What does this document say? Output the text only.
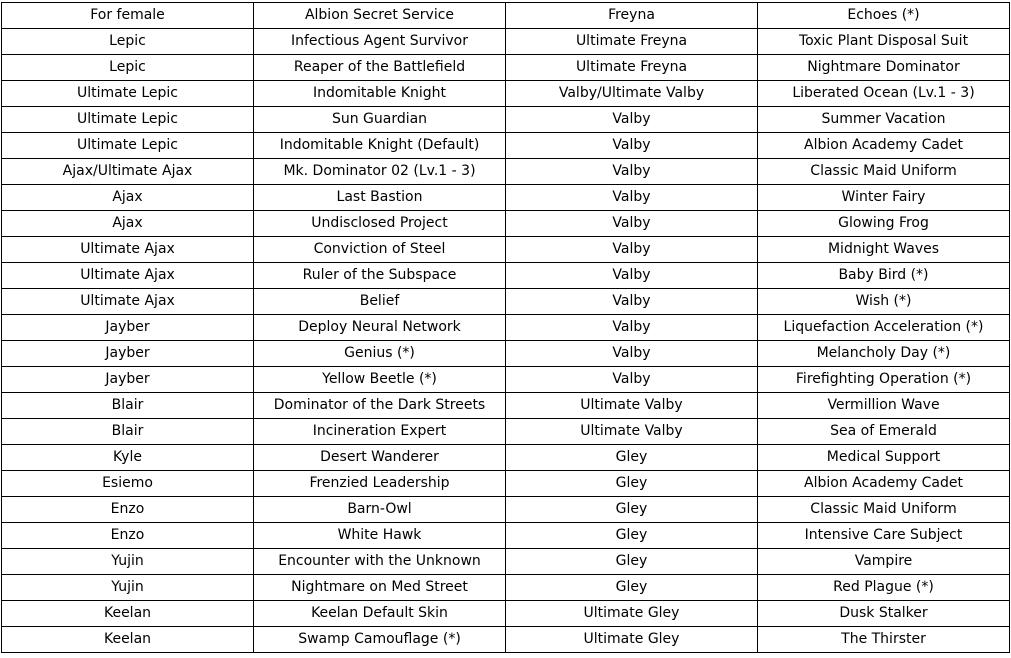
For female	Albion Secret Service	Freyna	Echoes (*)
Lepic	Infectious Agent Survivor	Ultimate Freyna	Toxic Plant Disposal Suit
Lepic	Reaper of the Battlefield	Ultimate Freyna	Nightmare Dominator
Ultimate Lepic	Indomitable Knight	Valby/Ultimate Valby	Liberated Ocean (Lv.1 - 3)
Ultimate Lepic	Sun Guardian	Valby	Summer Vacation
Ultimate Lepic	Indomitable Knight (Default)	Valby	Albion Academy Cadet
Ajax/Ultimate Ajax	Mk. Dominator 02 (Lv.1 - 3)	Valby	Classic Maid Uniform
Ajax	Last Bastion	Valby	Winter Fairy
Ajax	Undisclosed Project	Valby	Glowing Frog
Ultimate Ajax	Conviction of Steel	Valby	Midnight Waves
Ultimate Ajax	Ruler of the Subspace	Valby	Baby Bird (*)
Ultimate Ajax	Belief	Valby	Wish (*)
Jayber	Deploy Neural Network	Valby	Liquefaction Acceleration (*)
Jayber	Genius (*)	Valby	Melancholy Day (*)
Jayber	Yellow Beetle (*)	Valby	Firefighting Operation (*)
Blair	Dominator of the Dark Streets	Ultimate Valby	Vermillion Wave
Blair	Incineration Expert	Ultimate Valby	Sea of Emerald
Kyle	Desert Wanderer	Gley	Medical Support
Esiemo	Frenzied Leadership	Gley	Albion Academy Cadet
Enzo	Barn-Owl	Gley	Classic Maid Uniform
Enzo	White Hawk	Gley	Intensive Care Subject
Yujin	Encounter with the Unknown	Gley	Vampire
Yujin	Nightmare on Med Street	Gley	Red Plague (*)
Keelan	Keelan Default Skin	Ultimate Gley	Dusk Stalker
Keelan	Swamp Camouflage (*)	Ultimate Gley	The Thirster
